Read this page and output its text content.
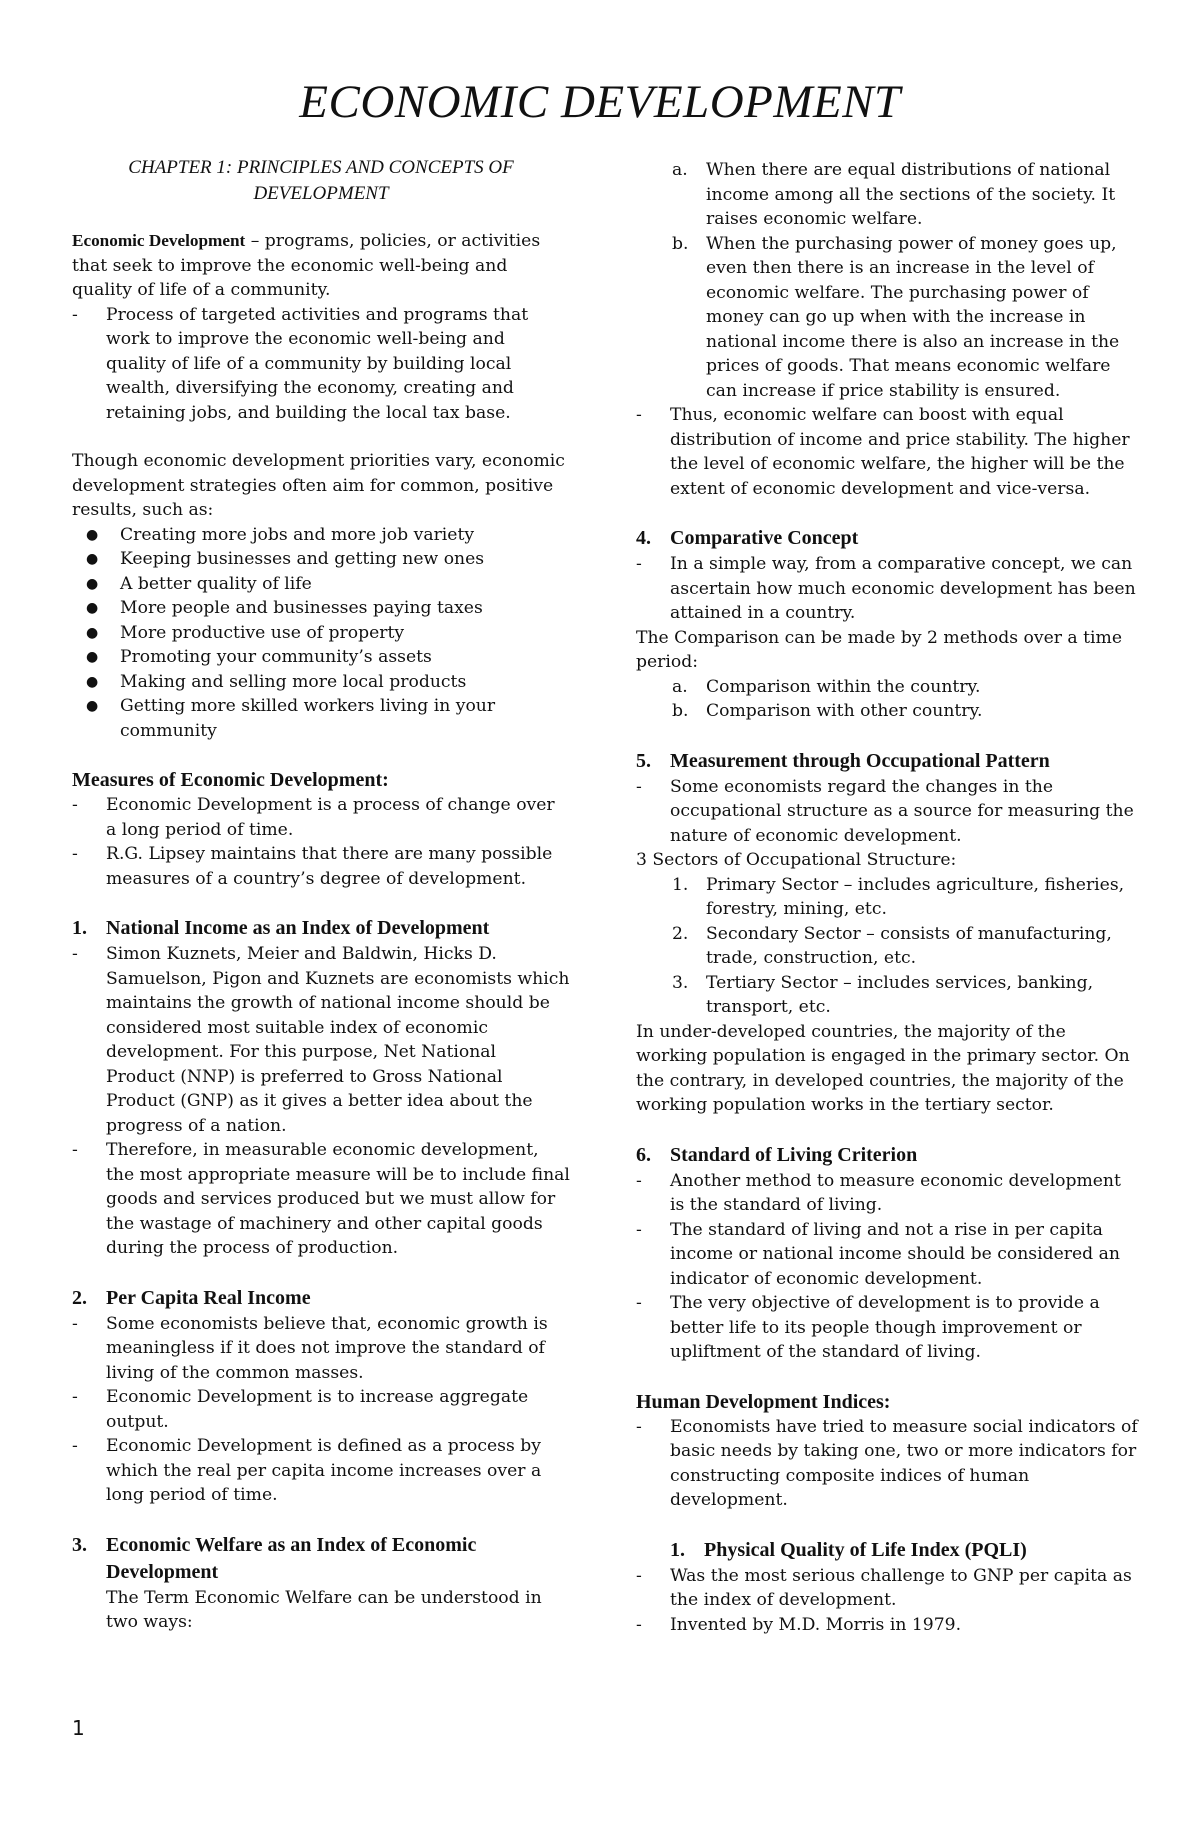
ECONOMIC DEVELOPMENT
CHAPTER 1: PRINCIPLES AND CONCEPTS OF DEVELOPMENT

Economic Development – programs, policies, or activities that seek to improve the economic well-being and quality of life of a community.

-	Process of targeted activities and programs that work to improve the economic well-being and quality of life of a community by building local wealth, diversifying the economy, creating and retaining jobs, and building the local tax base.

Though economic development priorities vary, economic development strategies often aim for common, positive results, such as:

●	Creating more jobs and more job variety
●	Keeping businesses and getting new ones
●	A better quality of life
●	More people and businesses paying taxes
●	More productive use of property
●	Promoting your community’s assets
●	Making and selling more local products
●	Getting more skilled workers living in your community

Measures of Economic Development:

-	Economic Development is a process of change over a long period of time.
-	R.G. Lipsey maintains that there are many possible measures of a country’s degree of development.
1. National Income as an Index of Development
-	Simon Kuznets, Meier and Baldwin, Hicks D. Samuelson, Pigon and Kuznets are economists which maintains the growth of national income should be considered most suitable index of economic development. For this purpose, Net National Product (NNP) is preferred to Gross National Product (GNP) as it gives a better idea about the progress of a nation.
-	Therefore, in measurable economic development, the most appropriate measure will be to include final goods and services produced but we must allow for the wastage of machinery and other capital goods during the process of production.
2. Per Capita Real Income
-	Some economists believe that, economic growth is meaningless if it does not improve the standard of living of the common masses.
-	Economic Development is to increase aggregate output.
-	Economic Development is defined as a process by which the real per capita income increases over a long period of time.
3. Economic Welfare as an Index of Economic Development

The Term Economic Welfare can be understood in two ways:

a.	When there are equal distributions of national income among all the sections of the society. It raises economic welfare.
b.	When the purchasing power of money goes up, even then there is an increase in the level of economic welfare. The purchasing power of money can go up when with the increase in national income there is also an increase in the prices of goods. That means economic welfare can increase if price stability is ensured.
-	Thus, economic welfare can boost with equal distribution of income and price stability. The higher the level of economic welfare, the higher will be the extent of economic development and vice-versa.
4. Comparative Concept
-	In a simple way, from a comparative concept, we can ascertain how much economic development has been attained in a country.

The Comparison can be made by 2 methods over a time period:

a.	Comparison within the country.
b.	Comparison with other country.
5. Measurement through Occupational Pattern
-	Some economists regard the changes in the occupational structure as a source for measuring the nature of economic development.

3 Sectors of Occupational Structure:

1.	Primary Sector – includes agriculture, fisheries, forestry, mining, etc.
2.	Secondary Sector – consists of manufacturing, trade, construction, etc.
3.	Tertiary Sector – includes services, banking, transport, etc.

In under-developed countries, the majority of the working population is engaged in the primary sector. On the contrary, in developed countries, the majority of the working population works in the tertiary sector.

6. Standard of Living Criterion
-	Another method to measure economic development is the standard of living.
-	The standard of living and not a rise in per capita income or national income should be considered an indicator of economic development.
-	The very objective of development is to provide a better life to its people though improvement or upliftment of the standard of living.

Human Development Indices:

-	Economists have tried to measure social indicators of basic needs by taking one, two or more indicators for constructing composite indices of human development.
1. Physical Quality of Life Index (PQLI)
-	Was the most serious challenge to GNP per capita as the index of development.
-	Invented by M.D. Morris in 1979.
1
